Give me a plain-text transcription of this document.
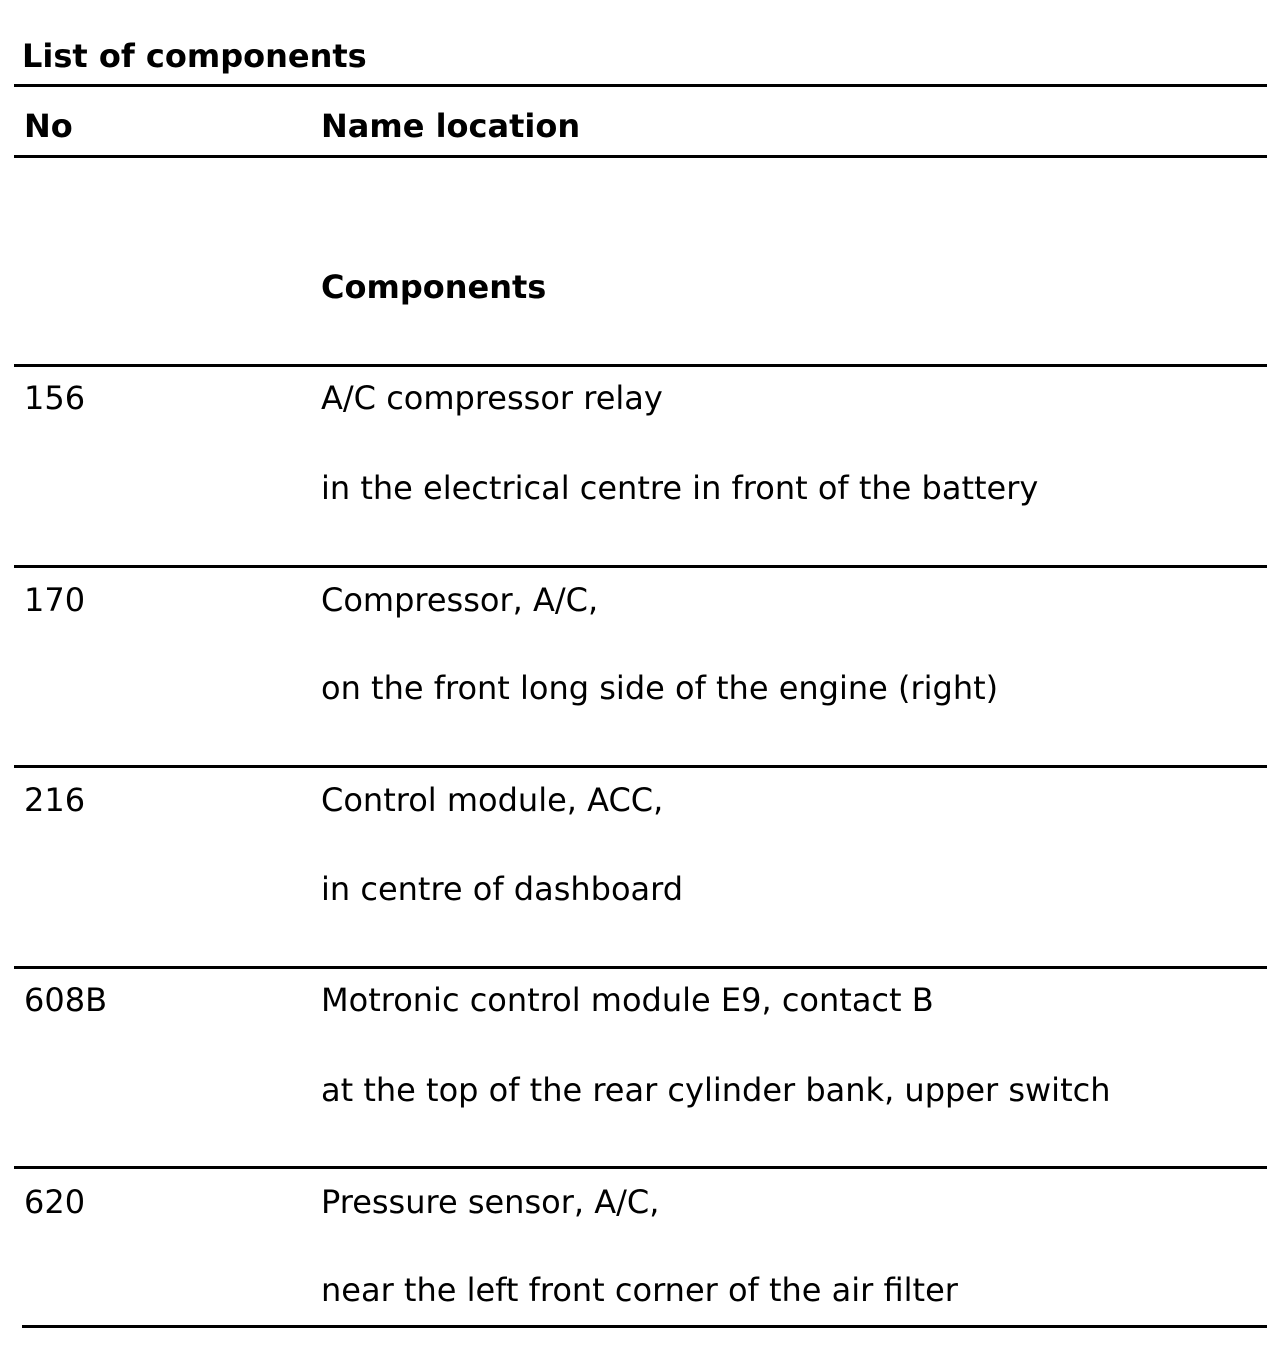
List of components
No	Name location
Components
156	A/C compressor relay
in the electrical centre in front of the battery
170	Compressor, A/C,
on the front long side of the engine (right)
216	Control module, ACC,
in centre of dashboard
608B	Motronic control module E9, contact B
at the top of the rear cylinder bank, upper switch
620	Pressure sensor, A/C,
near the left front corner of the air filter
